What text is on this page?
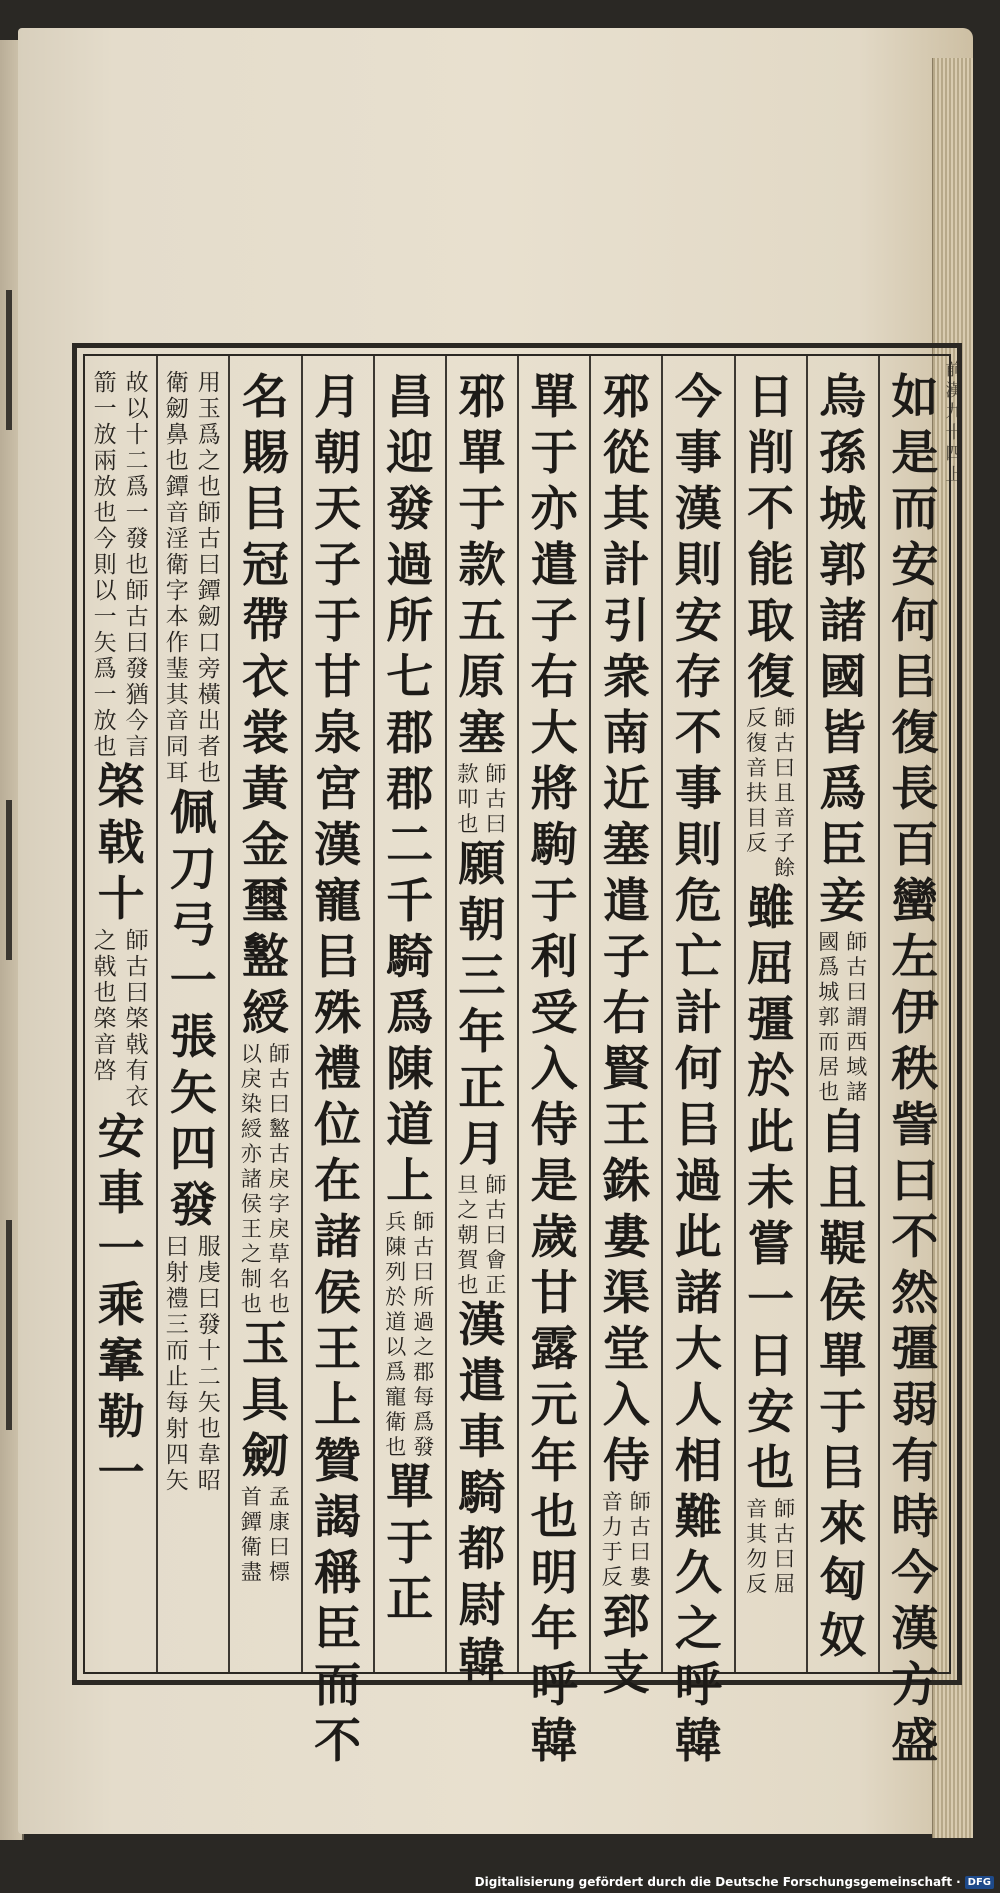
前
漢
九
十
四
上
如
是
而
安
何
㠯
復
長
百
蠻
左
伊
秩
訾
曰
不
然
彊
弱
有
時
今
漢
方
盛
烏
孫
城
郭
諸
國
皆
爲
臣
妾
國
爲
城
郭
而
居
也
師
古
曰
謂
西
域
諸
自
且
鞮
侯
單
于
㠯
來
匈
奴
日
削
不
能
取
復
反
復
音
扶
目
反
師
古
曰
且
音
子
餘
雖
屈
彊
於
此
未
嘗
一
日
安
也
音
其
勿
反
師
古
曰
屈
今
事
漢
則
安
存
不
事
則
危
亡
計
何
㠯
過
此
諸
大
人
相
難
久
之
呼
韓
邪
從
其
計
引
衆
南
近
塞
遣
子
右
賢
王
銖
婁
渠
堂
入
侍
音
力
于
反
師
古
曰
婁
郅
支
單
于
亦
遣
子
右
大
將
駒
于
利
受
入
侍
是
歲
甘
露
元
年
也
明
年
呼
韓
邪
單
于
款
五
原
塞
款
叩
也
師
古
曰
願
朝
三
年
正
月
旦
之
朝
賀
也
師
古
曰
會
正
漢
遣
車
騎
都
尉
韓
昌
迎
發
過
所
七
郡
郡
二
千
騎
爲
陳
道
上
兵
陳
列
於
道
以
爲
寵
衛
也
師
古
曰
所
過
之
郡
每
爲
發
單
于
正
月
朝
天
子
于
甘
泉
宮
漢
寵
㠯
殊
禮
位
在
諸
侯
王
上
贊
謁
稱
臣
而
不
名
賜
㠯
冠
帶
衣
裳
黃
金
璽
盭
綬
以
戾
染
綬
亦
諸
侯
王
之
制
也
師
古
曰
盭
古
戾
字
戾
草
名
也
玉
具
劒
首
鐔
衛
盡
孟
康
曰
標
衛
劒
鼻
也
鐔
音
淫
衛
字
本
作
㻗
其
音
同
耳
用
玉
爲
之
也
師
古
曰
鐔
劒
口
旁
橫
出
者
也
佩
刀
弓
一
張
矢
四
發
曰
射
禮
三
而
止
每
射
四
矢
服
虔
曰
發
十
二
矢
也
韋
昭
箭
一
放
兩
放
也
今
則
以
一
矢
爲
一
放
也
故
以
十
二
爲
一
發
也
師
古
曰
發
猶
今
言
棨
戟
十
之
戟
也
棨
音
啓
師
古
曰
棨
戟
有
衣
安
車
一
乘
鞌
勒
一
Digitalisierung gefördert durch die Deutsche Forschungsgemeinschaft · DFG
